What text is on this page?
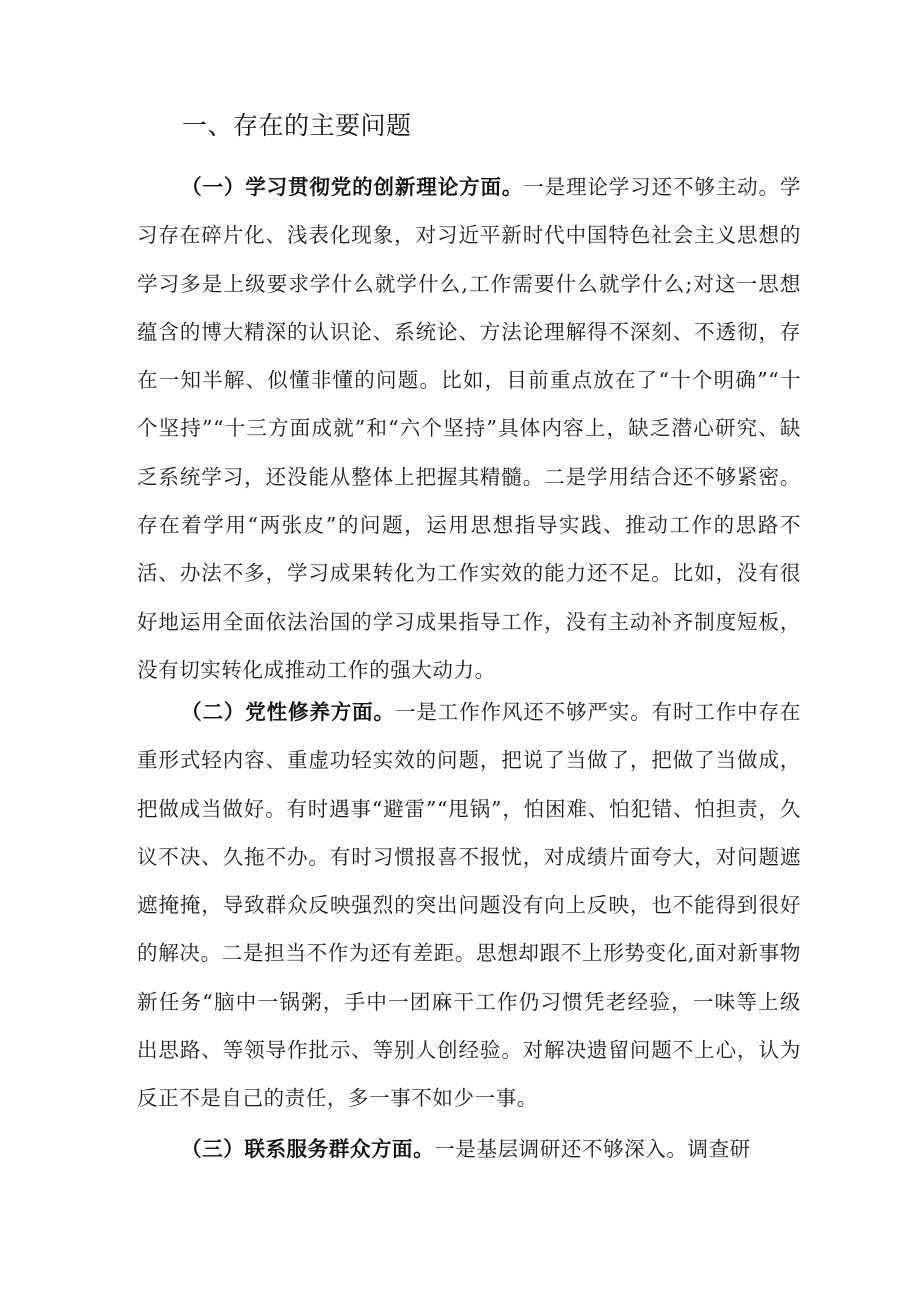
一、存在的主要问题

（一）学习贯彻党的创新理论方面。一是理论学习还不够主动。学习存在碎片化、浅表化现象，对习近平新时代中国特色社会主义思想的学习多是上级要求学什么就学什么,工作需要什么就学什么;对这一思想蕴含的博大精深的认识论、系统论、方法论理解得不深刻、不透彻，存在一知半解、似懂非懂的问题。比如，目前重点放在了“十个明确”“十个坚持”“十三方面成就”和“六个坚持”具体内容上，缺乏潜心研究、缺乏系统学习，还没能从整体上把握其精髓。二是学用结合还不够紧密。存在着学用“两张皮”的问题，运用思想指导实践、推动工作的思路不活、办法不多，学习成果转化为工作实效的能力还不足。比如，没有很好地运用全面依法治国的学习成果指导工作，没有主动补齐制度短板，没有切实转化成推动工作的强大动力。

（二）党性修养方面。一是工作作风还不够严实。有时工作中存在重形式轻内容、重虚功轻实效的问题，把说了当做了，把做了当做成，把做成当做好。有时遇事“避雷”“甩锅”，怕困难、怕犯错、怕担责，久议不决、久拖不办。有时习惯报喜不报忧，对成绩片面夸大，对问题遮遮掩掩，导致群众反映强烈的突出问题没有向上反映，也不能得到很好的解决。二是担当不作为还有差距。思想却跟不上形势变化,面对新事物新任务“脑中一锅粥，手中一团麻干工作仍习惯凭老经验，一味等上级出思路、等领导作批示、等别人创经验。对解决遗留问题不上心，认为反正不是自己的责任，多一事不如少一事。

（三）联系服务群众方面。一是基层调研还不够深入。调查研
